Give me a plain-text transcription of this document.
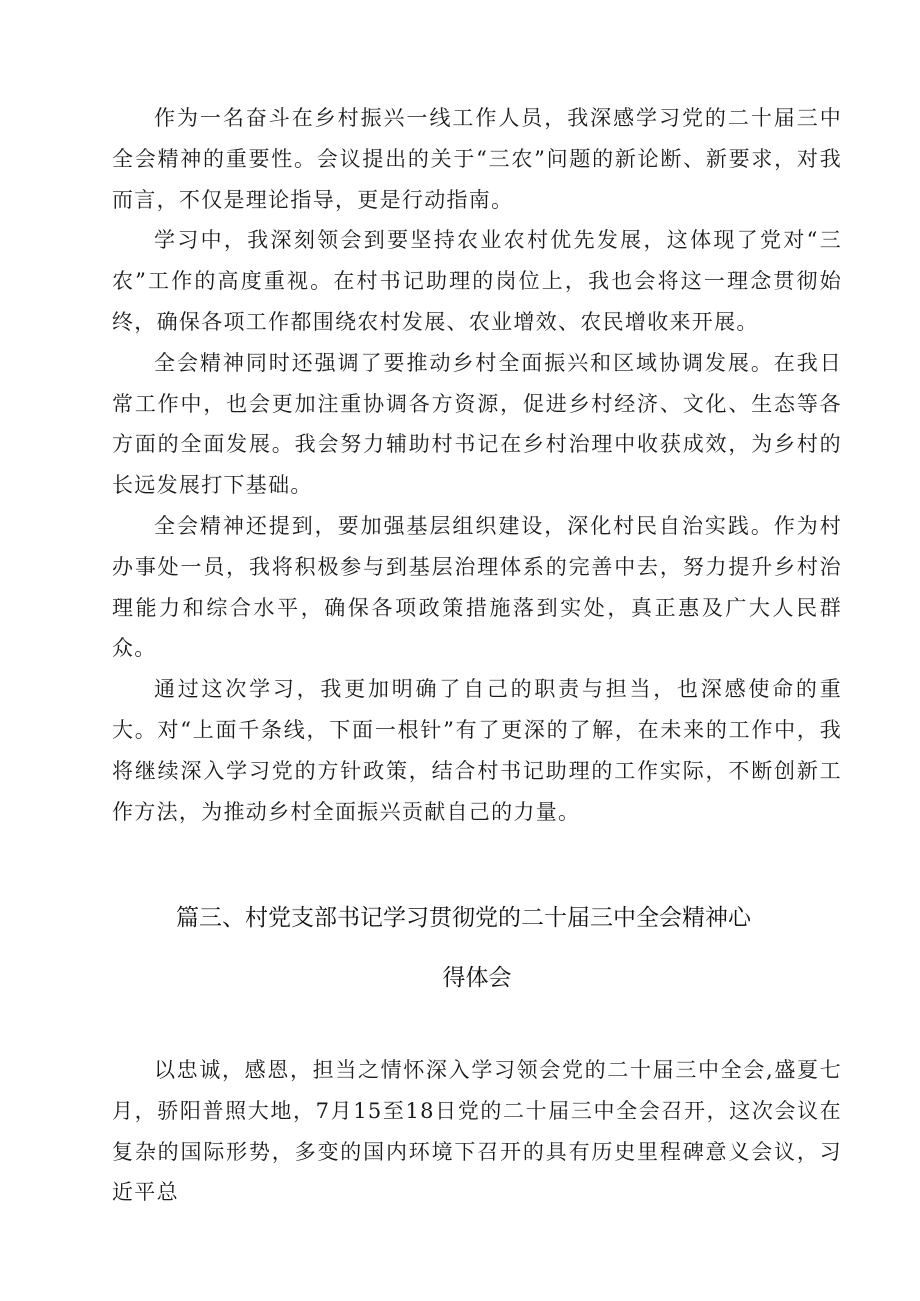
作为一名奋斗在乡村振兴一线工作人员，我深感学习党的二十届三中全会精神的重要性。会议提出的关于“三农”问题的新论断、新要求，对我而言，不仅是理论指导，更是行动指南。

学习中，我深刻领会到要坚持农业农村优先发展，这体现了党对“三农”工作的高度重视。在村书记助理的岗位上，我也会将这一理念贯彻始终，确保各项工作都围绕农村发展、农业增效、农民增收来开展。

全会精神同时还强调了要推动乡村全面振兴和区域协调发展。在我日常工作中，也会更加注重协调各方资源，促进乡村经济、文化、生态等各方面的全面发展。我会努力辅助村书记在乡村治理中收获成效，为乡村的长远发展打下基础。

全会精神还提到，要加强基层组织建设，深化村民自治实践。作为村办事处一员，我将积极参与到基层治理体系的完善中去，努力提升乡村治理能力和综合水平，确保各项政策措施落到实处，真正惠及广大人民群众。

通过这次学习，我更加明确了自己的职责与担当，也深感使命的重大。对“上面千条线，下面一根针”有了更深的了解，在未来的工作中，我将继续深入学习党的方针政策，结合村书记助理的工作实际，不断创新工作方法，为推动乡村全面振兴贡献自己的力量。

篇三、村党支部书记学习贯彻党的二十届三中全会精神心
得体会

以忠诚，感恩，担当之情怀深入学习领会党的二十届三中全会,盛夏七月，骄阳普照大地，7月15至18日党的二十届三中全会召开，这次会议在复杂的国际形势，多变的国内环境下召开的具有历史里程碑意义会议，习近平总
